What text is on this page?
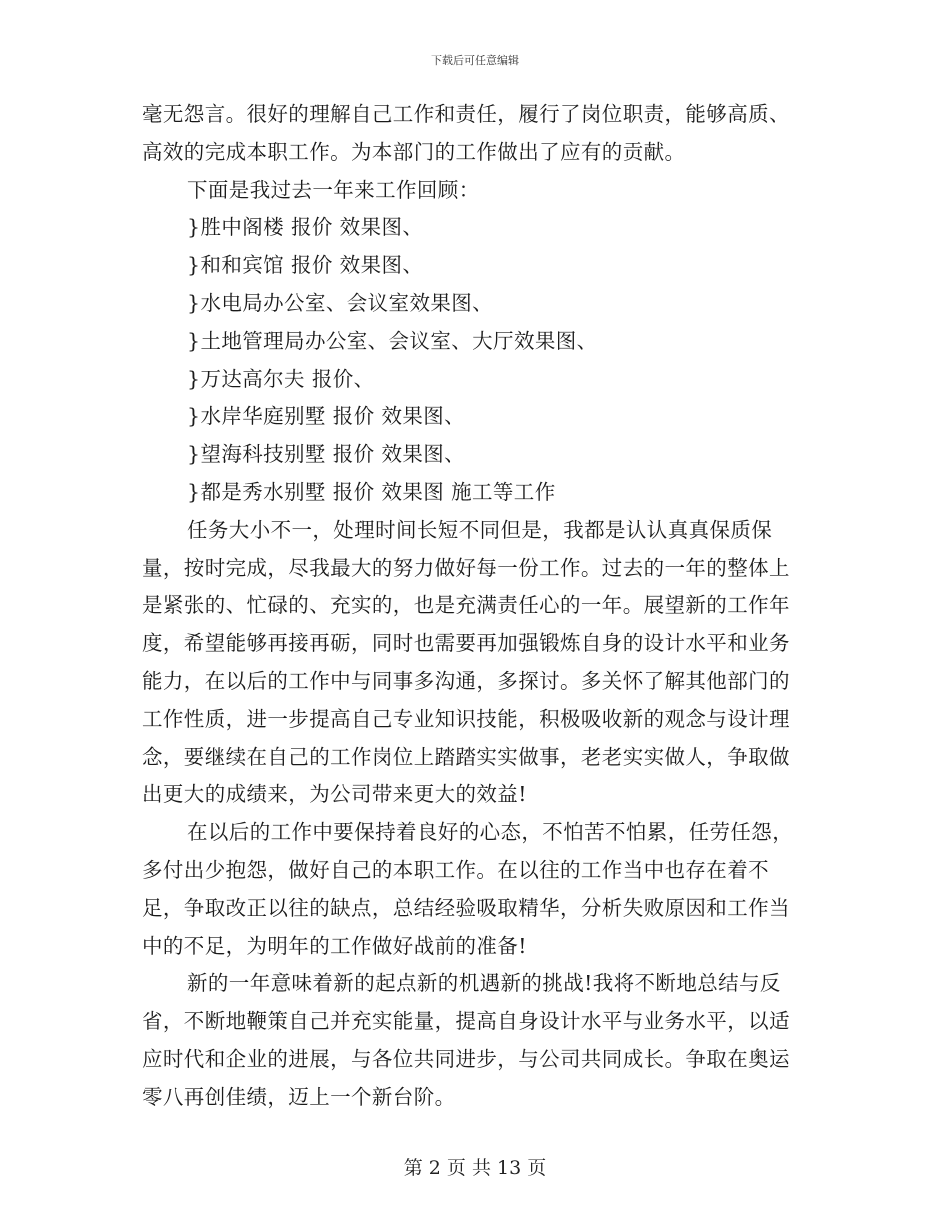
下载后可任意编辑

毫无怨言。很好的理解自己工作和责任，履行了岗位职责，能够高质、高效的完成本职工作。为本部门的工作做出了应有的贡献。

下面是我过去一年来工作回顾：

}胜中阁楼 报价 效果图、

}和和宾馆 报价 效果图、

}水电局办公室、会议室效果图、

}土地管理局办公室、会议室、大厅效果图、

}万达高尔夫 报价、

}水岸华庭别墅 报价 效果图、

}望海科技别墅 报价 效果图、

}都是秀水别墅 报价 效果图 施工等工作

任务大小不一，处理时间长短不同但是，我都是认认真真保质保量，按时完成，尽我最大的努力做好每一份工作。过去的一年的整体上是紧张的、忙碌的、充实的，也是充满责任心的一年。展望新的工作年度，希望能够再接再砺，同时也需要再加强锻炼自身的设计水平和业务能力，在以后的工作中与同事多沟通，多探讨。多关怀了解其他部门的工作性质，进一步提高自己专业知识技能，积极吸收新的观念与设计理念，要继续在自己的工作岗位上踏踏实实做事，老老实实做人，争取做出更大的成绩来，为公司带来更大的效益!

在以后的工作中要保持着良好的心态，不怕苦不怕累，任劳任怨，多付出少抱怨，做好自己的本职工作。在以往的工作当中也存在着不足，争取改正以往的缺点，总结经验吸取精华，分析失败原因和工作当中的不足，为明年的工作做好战前的准备!

新的一年意味着新的起点新的机遇新的挑战!我将不断地总结与反省，不断地鞭策自己并充实能量，提高自身设计水平与业务水平，以适应时代和企业的进展，与各位共同进步，与公司共同成长。争取在奥运零八再创佳绩，迈上一个新台阶。

第 2 页 共 13 页
